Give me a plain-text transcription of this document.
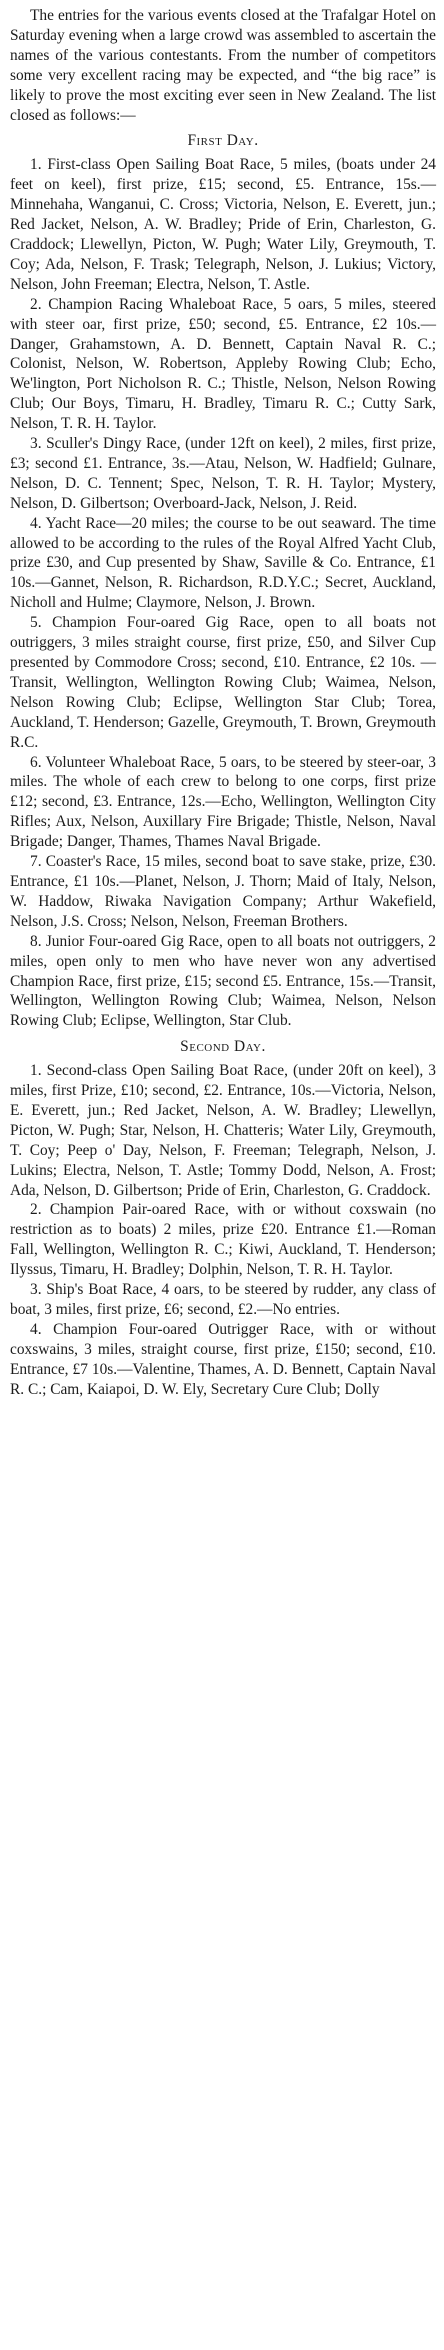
The entries for the various events closed at the Trafalgar Hotel on Saturday evening when a large crowd was assembled to ascertain the names of the various contestants. From the number of competitors some very excellent racing may be expected, and “the big race” is likely to prove the most exciting ever seen in New Zealand. The list closed as follows:—

First Day.

1. First-class Open Sailing Boat Race, 5 miles, (boats under 24 feet on keel), first prize, £15; second, £5. Entrance, 15s.—Minnehaha, Wanganui, C. Cross; Victoria, Nelson, E. Everett, jun.; Red Jacket, Nelson, A. W. Bradley; Pride of Erin, Charleston, G. Craddock; Llewellyn, Picton, W. Pugh; Water Lily, Greymouth, T. Coy; Ada, Nelson, F. Trask; Telegraph, Nelson, J. Lukius; Victory, Nelson, John Freeman; Electra, Nelson, T. Astle.

2. Champion Racing Whaleboat Race, 5 oars, 5 miles, steered with steer oar, first prize, £50; second, £5. Entrance, £2 10s.—Danger, Grahamstown, A. D. Bennett, Captain Naval R. C.; Colonist, Nelson, W. Robertson, Appleby Rowing Club; Echo, We'lington, Port Nicholson R. C.; Thistle, Nelson, Nelson Rowing Club; Our Boys, Timaru, H. Bradley, Timaru R. C.; Cutty Sark, Nelson, T. R. H. Taylor.

3. Sculler's Dingy Race, (under 12ft on keel), 2 miles, first prize, £3; second £1. Entrance, 3s.—Atau, Nelson, W. Hadfield; Gulnare, Nelson, D. C. Tennent; Spec, Nelson, T. R. H. Taylor; Mystery, Nelson, D. Gilbertson; Overboard-Jack, Nelson, J. Reid.

4. Yacht Race—20 miles; the course to be out seaward. The time allowed to be according to the rules of the Royal Alfred Yacht Club, prize £30, and Cup presented by Shaw, Saville & Co. Entrance, £1 10s.—Gannet, Nelson, R. Richardson, R.D.Y.C.; Secret, Auckland, Nicholl and Hulme; Claymore, Nelson, J. Brown.

5. Champion Four-oared Gig Race, open to all boats not outriggers, 3 miles straight course, first prize, £50, and Silver Cup presented by Commodore Cross; second, £10. Entrance, £2 10s. — Transit, Wellington, Wellington Rowing Club; Waimea, Nelson, Nelson Rowing Club; Eclipse, Wellington Star Club; Torea, Auckland, T. Henderson; Gazelle, Greymouth, T. Brown, Greymouth R.C.

6. Volunteer Whaleboat Race, 5 oars, to be steered by steer-oar, 3 miles. The whole of each crew to belong to one corps, first prize £12; second, £3. Entrance, 12s.—Echo, Wellington, Wellington City Rifles; Aux, Nelson, Auxillary Fire Brigade; Thistle, Nelson, Naval Brigade; Danger, Thames, Thames Naval Brigade.

7. Coaster's Race, 15 miles, second boat to save stake, prize, £30. Entrance, £1 10s.—Planet, Nelson, J. Thorn; Maid of Italy, Nelson, W. Haddow, Riwaka Navigation Company; Arthur Wakefield, Nelson, J.S. Cross; Nelson, Nelson, Freeman Brothers.

8. Junior Four-oared Gig Race, open to all boats not outriggers, 2 miles, open only to men who have never won any advertised Champion Race, first prize, £15; second £5. Entrance, 15s.—Transit, Wellington, Wellington Rowing Club; Waimea, Nelson, Nelson Rowing Club; Eclipse, Wellington, Star Club.

Second Day.

1. Second-class Open Sailing Boat Race, (under 20ft on keel), 3 miles, first Prize, £10; second, £2. Entrance, 10s.—Victoria, Nelson, E. Everett, jun.; Red Jacket, Nelson, A. W. Bradley; Llewellyn, Picton, W. Pugh; Star, Nelson, H. Chatteris; Water Lily, Greymouth, T. Coy; Peep o' Day, Nelson, F. Freeman; Telegraph, Nelson, J. Lukins; Electra, Nelson, T. Astle; Tommy Dodd, Nelson, A. Frost; Ada, Nelson, D. Gilbertson; Pride of Erin, Charleston, G. Craddock.

2. Champion Pair-oared Race, with or without coxswain (no restriction as to boats) 2 miles, prize £20. Entrance £1.—Roman Fall, Wellington, Wellington R. C.; Kiwi, Auckland, T. Henderson; Ilyssus, Timaru, H. Bradley; Dolphin, Nelson, T. R. H. Taylor.

3. Ship's Boat Race, 4 oars, to be steered by rudder, any class of boat, 3 miles, first prize, £6; second, £2.—No entries.

4. Champion Four-oared Outrigger Race, with or without coxswains, 3 miles, straight course, first prize, £150; second, £10. Entrance, £7 10s.—Valentine, Thames, A. D. Bennett, Captain Naval R. C.; Cam, Kaiapoi, D. W. Ely, Secretary Cure Club; Dolly
